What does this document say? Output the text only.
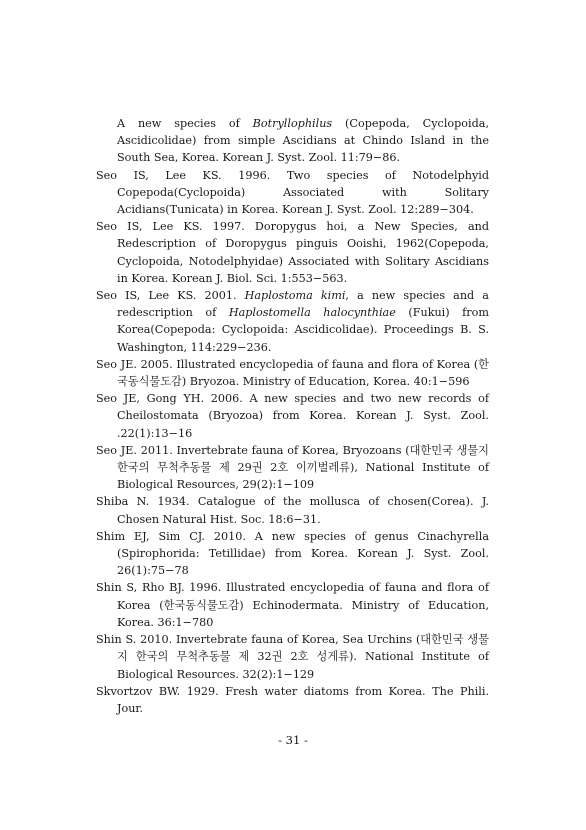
A new species of Botryllophilus (Copepoda, Cyclopoida, Ascidicolidae) from simple Ascidians at Chindo Island in the South Sea, Korea. Korean J. Syst. Zool. 11:79−86.

Seo IS, Lee KS. 1996. Two species of Notodelphyid Copepoda(Cyclopoida) Associated with Solitary Acidians(Tunicata) in Korea. Korean J. Syst. Zool. 12:289−304.

Seo IS, Lee KS. 1997. Doropygus hoi, a New Species, and Redescription of Doropygus pinguis Ooishi, 1962(Copepoda, Cyclopoida, Notodelphyidae) Associated with Solitary Ascidians in Korea. Korean J. Biol. Sci. 1:553−563.

Seo IS, Lee KS. 2001. Haplostoma kimi, a new species and a redescription of Haplostomella halocynthiae (Fukui) from Korea(Copepoda: Cyclopoida: Ascidicolidae). Proceedings B. S. Washington, 114:229−236.

Seo JE. 2005. Illustrated encyclopedia of fauna and flora of Korea (한국동식물도감) Bryozoa. Ministry of Education, Korea. 40:1−596

Seo JE, Gong YH. 2006. A new species and two new records of Cheilostomata (Bryozoa) from Korea. Korean J. Syst. Zool. .22(1):13−16

Seo JE. 2011. Invertebrate fauna of Korea, Bryozoans (대한민국 생물지 한국의 무척추동물 제 29권 2호 이끼벌레류), National Institute of Biological Resources, 29(2):1−109

Shiba N. 1934. Catalogue of the mollusca of chosen(Corea). J. Chosen Natural Hist. Soc. 18:6−31.

Shim EJ, Sim CJ. 2010. A new species of genus Cinachyrella (Spirophorida: Tetillidae) from Korea. Korean J. Syst. Zool. 26(1):75−78

Shin S, Rho BJ. 1996. Illustrated encyclopedia of fauna and flora of Korea (한국동식물도감) Echinodermata. Ministry of Education, Korea. 36:1−780

Shin S. 2010. Invertebrate fauna of Korea, Sea Urchins (대한민국 생물지 한국의 무척추동물 제 32권 2호 성게류). National Institute of Biological Resources. 32(2):1−129

Skvortzov BW. 1929. Fresh water diatoms from Korea. The Phili. Jour.

- 31 -
